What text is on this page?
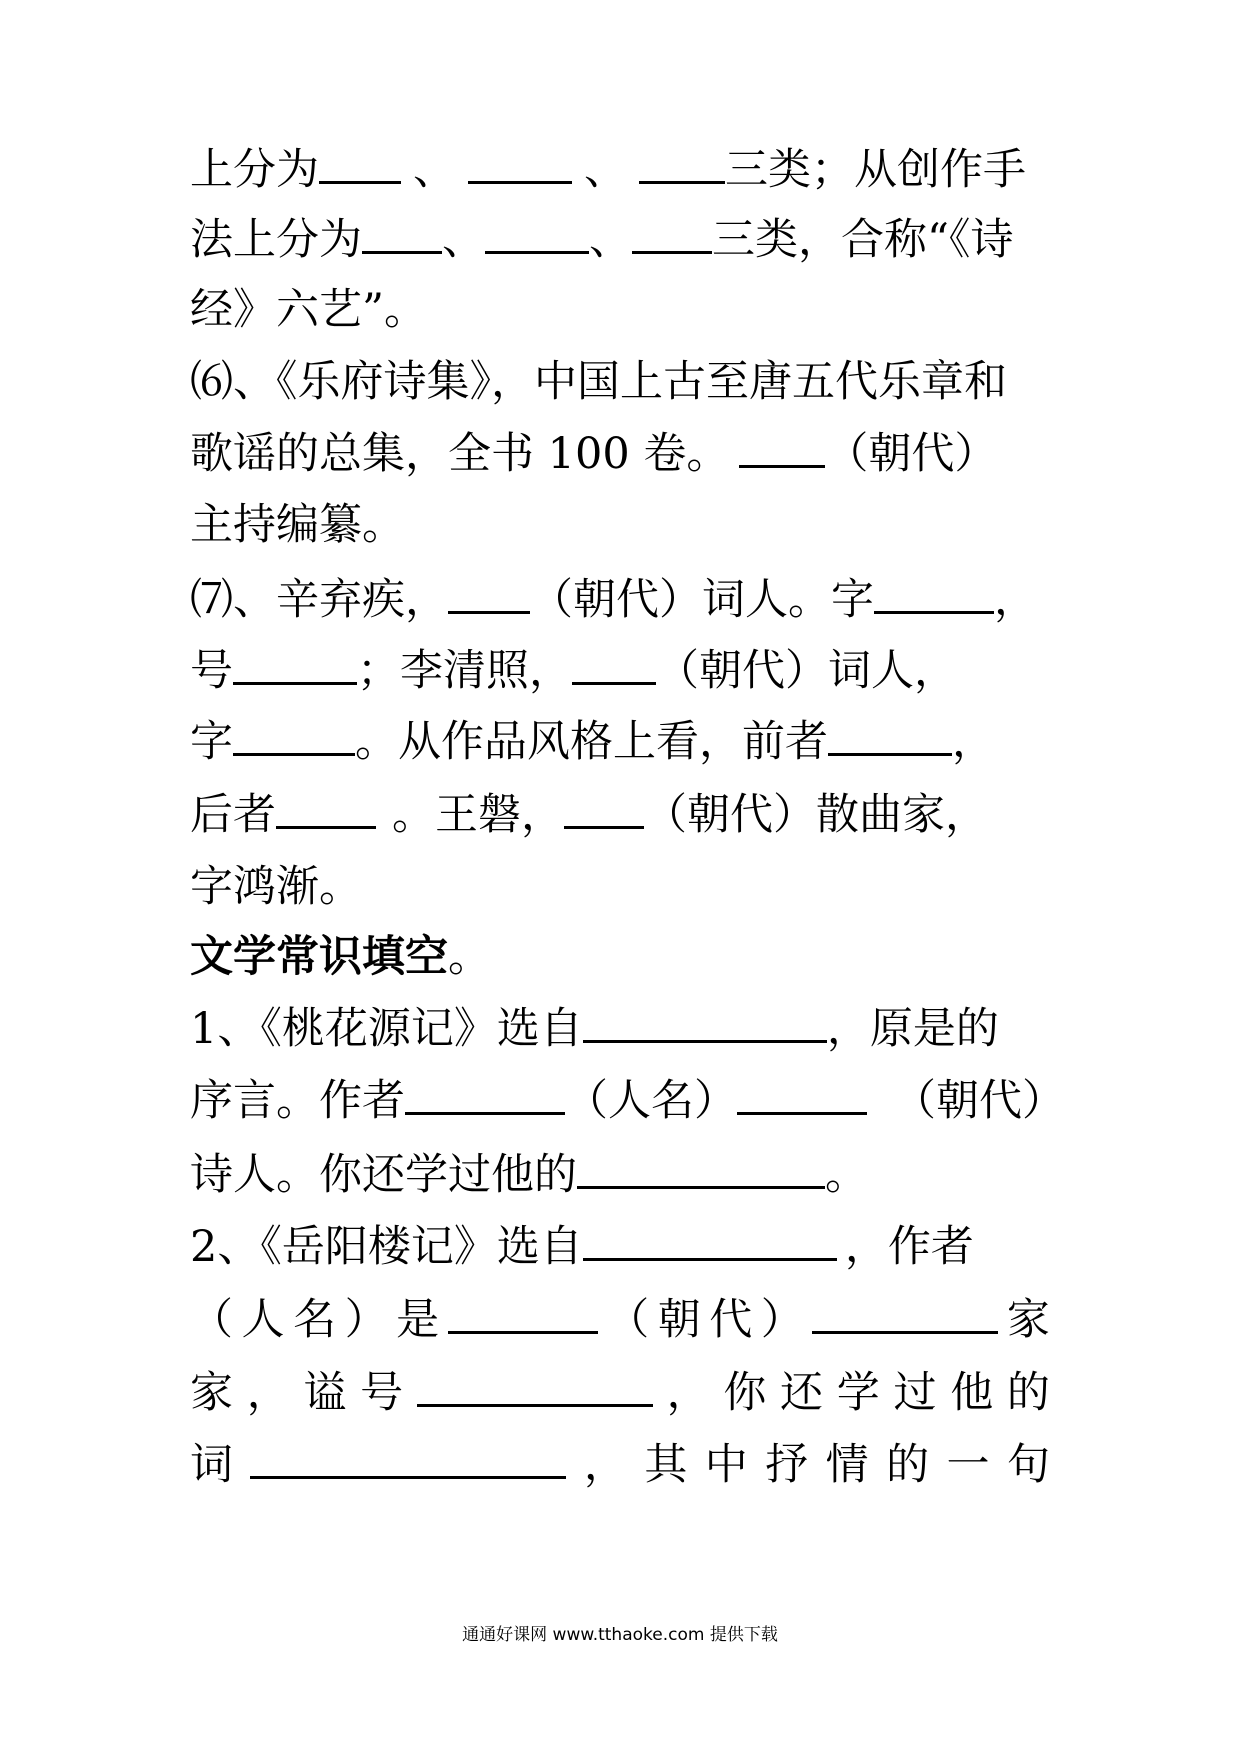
上分为 、	、 三类；从创作手
法上分为 、 、 三类，合称“《诗
经》六艺”。
⑹、《乐府诗集》，中国上古至唐五代乐章和
歌谣的总集，全书 100 卷。 （朝代）
主持编纂。
⑺、辛弃疾， （朝代）词人。字	，
号	；李清照， （朝代）词人，
字	。从作品风格上看，前者	，
后者	。王磐， （朝代）散曲家，
字鸿渐。
文学常识填空。
1、《桃花源记》选自	，原是的
序言。作者	（人名）	（朝代）
诗人。你还学过他的	。
2、《岳阳楼记》选自	，作者
（ 人 名 ） 是	（ 朝 代 ）	家
家 ， 谥 号	， 你 还 学 过 他 的
词	， 其 中 抒 情 的 一 句
通通好课网 www.tthaoke.com 提供下载
